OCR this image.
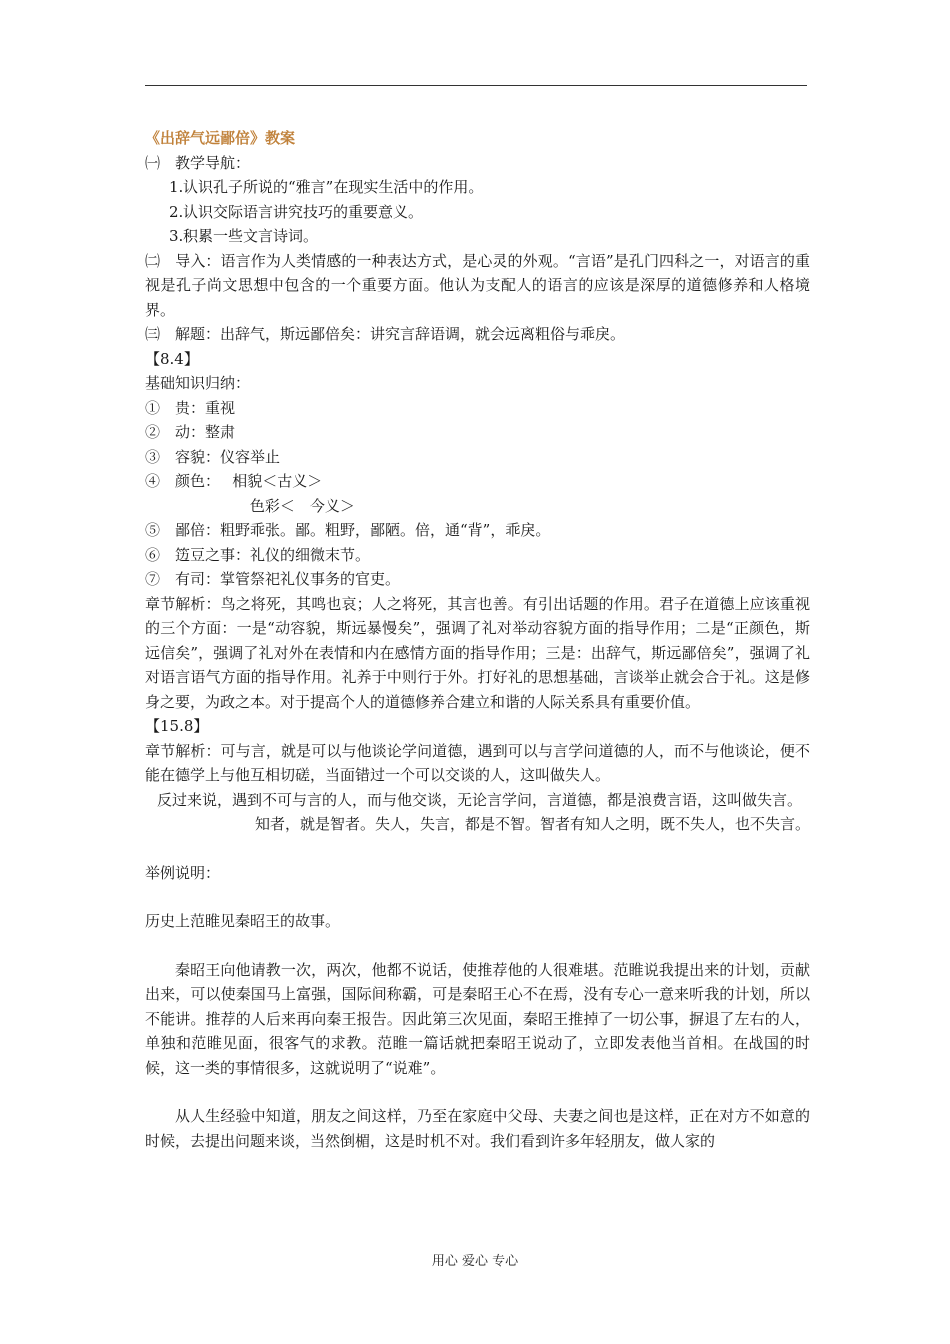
《出辞气远鄙倍》教案
㈠　教学导航：
1.认识孔子所说的“雅言”在现实生活中的作用。
2.认识交际语言讲究技巧的重要意义。
3.积累一些文言诗词。
㈡　导入：语言作为人类情感的一种表达方式，是心灵的外观。“言语”是孔门四科之一，对语言的重视是孔子尚文思想中包含的一个重要方面。他认为支配人的语言的应该是深厚的道德修养和人格境界。
㈢　解题：出辞气，斯远鄙倍矣：讲究言辞语调，就会远离粗俗与乖戾。
【8.4】
基础知识归纳：
①　贵：重视
②　动：整肃
③　容貌：仪容举止
④　颜色：　 相貌＜古义＞
色彩＜　今义＞
⑤　鄙倍：粗野乖张。鄙。粗野，鄙陋。倍，通“背”，乖戾。
⑥　笾豆之事：礼仪的细微末节。
⑦　有司：掌管祭祀礼仪事务的官吏。
章节解析：鸟之将死，其鸣也哀；人之将死，其言也善。有引出话题的作用。君子在道德上应该重视的三个方面：一是“动容貌，斯远暴慢矣”，强调了礼对举动容貌方面的指导作用；二是“正颜色，斯远信矣”，强调了礼对外在表情和内在感情方面的指导作用；三是：出辞气，斯远鄙倍矣”，强调了礼对语言语气方面的指导作用。礼养于中则行于外。打好礼的思想基础，言谈举止就会合于礼。这是修身之要，为政之本。对于提高个人的道德修养合建立和谐的人际关系具有重要价值。
【15.8】
章节解析：可与言，就是可以与他谈论学问道德，遇到可以与言学问道德的人，而不与他谈论，便不能在德学上与他互相切磋，当面错过一个可以交谈的人，这叫做失人。
反过来说，遇到不可与言的人，而与他交谈，无论言学问，言道德，都是浪费言语，这叫做失言。
知者，就是智者。失人，失言，都是不智。智者有知人之明，既不失人，也不失言。
举例说明：
历史上范睢见秦昭王的故事。
秦昭王向他请教一次，两次，他都不说话，使推荐他的人很难堪。范睢说我提出来的计划，贡献出来，可以使秦国马上富强，国际间称霸，可是秦昭王心不在焉，没有专心一意来听我的计划，所以不能讲。推荐的人后来再向秦王报告。因此第三次见面，秦昭王推掉了一切公事，摒退了左右的人，单独和范睢见面，很客气的求教。范睢一篇话就把秦昭王说动了，立即发表他当首相。在战国的时候，这一类的事情很多，这就说明了“说难”。
从人生经验中知道，朋友之间这样，乃至在家庭中父母、夫妻之间也是这样，正在对方不如意的时候，去提出问题来谈，当然倒楣，这是时机不对。我们看到许多年轻朋友，做人家的
用心 爱心 专心
